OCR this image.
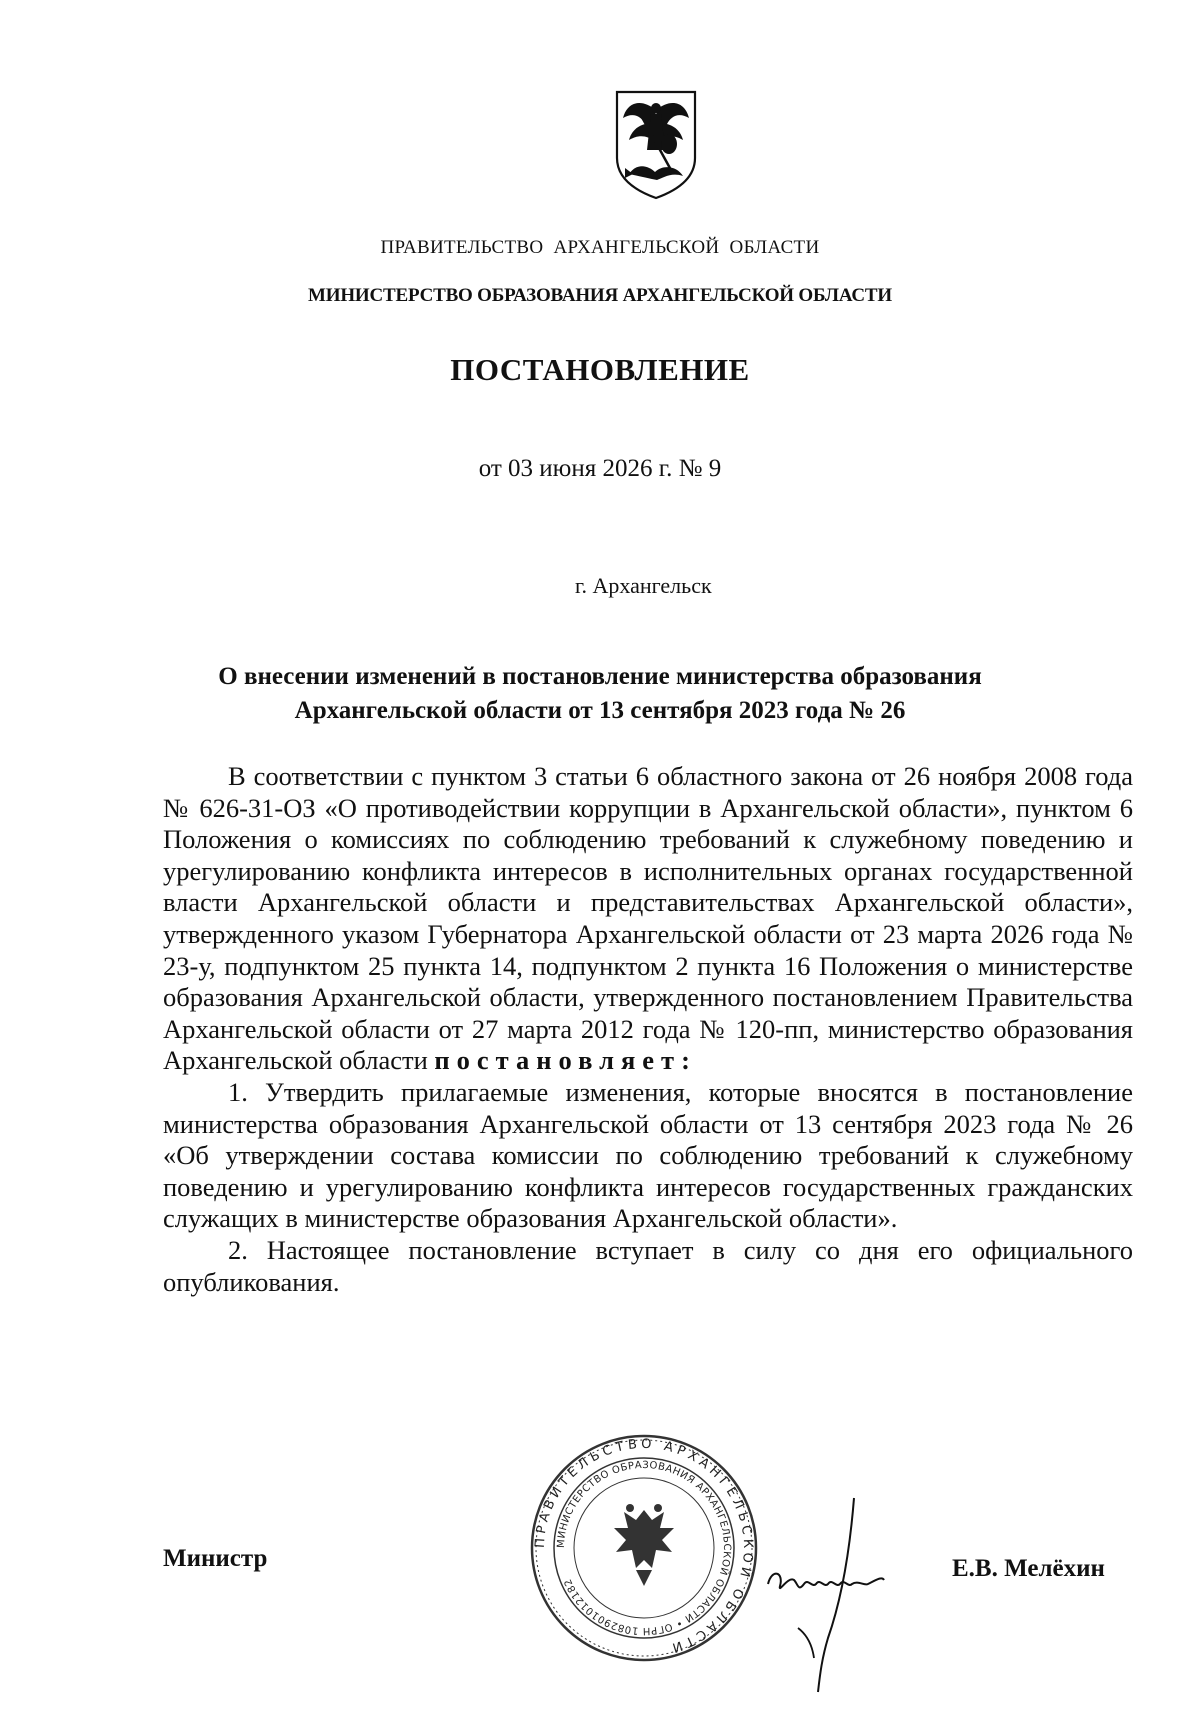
ПРАВИТЕЛЬСТВО  АРХАНГЕЛЬСКОЙ  ОБЛАСТИ
МИНИСТЕРСТВО ОБРАЗОВАНИЯ АРХАНГЕЛЬСКОЙ ОБЛАСТИ
ПОСТАНОВЛЕНИЕ
от 03 июня 2026 г. № 9
г. Архангельск
О внесении изменений в постановление министерства образования
Архангельской области от 13 сентября 2023 года № 26

В соответствии с пунктом 3 статьи 6 областного закона от 26 ноября 2008 года № 626-31-ОЗ «О противодействии коррупции в Архангельской области», пунктом 6 Положения о комиссиях по соблюдению требований к служебному поведению и урегулированию конфликта интересов в исполнительных органах государственной власти Архангельской области и представительствах Архангельской области», утвержденного указом Губернатора Архангельской области от 23 марта 2026 года № 23-у, подпунктом 25 пункта 14, подпунктом 2 пункта 16 Положения о министерстве образования Архангельской области, утвержденного постановлением Правительства Архангельской области от 27 марта 2012 года № 120-пп, министерство образования Архангельской области постановляет:

1. Утвердить прилагаемые изменения, которые вносятся в постановление министерства образования Архангельской области от 13 сентября 2023 года № 26 «Об утверждении состава комиссии по соблюдению требований к служебному поведению и урегулированию конфликта интересов государственных гражданских служащих в министерстве образования Архангельской области».

2. Настоящее постановление вступает в силу со дня его официального опубликования.

ПРАВИТЕЛЬСТВО АРХАНГЕЛЬСКОЙ ОБЛАСТИ
МИНИСТЕРСТВО ОБРАЗОВАНИЯ АРХАНГЕЛЬСКОЙ ОБЛАСТИ • ОГРН 1082901012182
Министр	Е.В. Мелёхин
